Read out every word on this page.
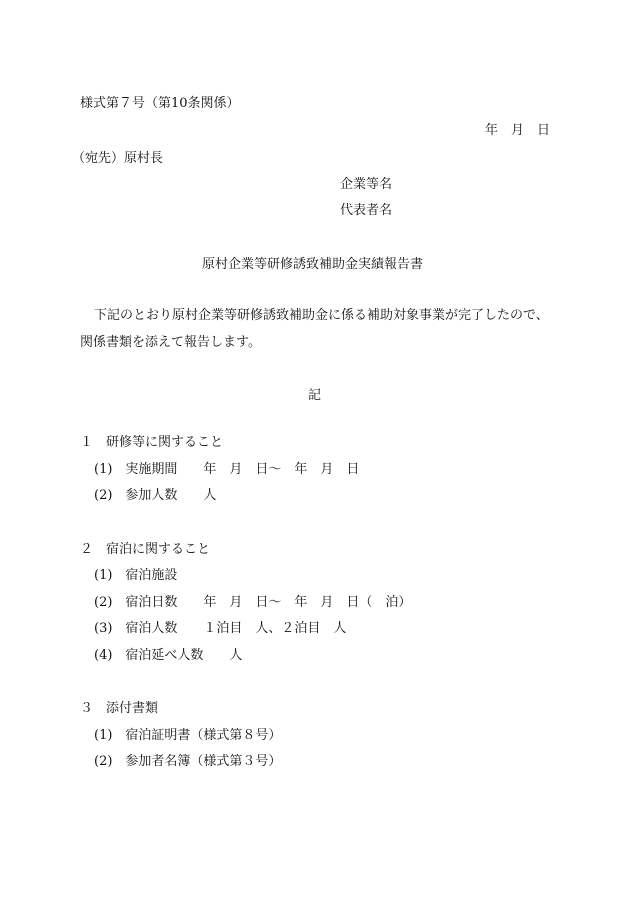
様式第７号（第10条関係）
年　月　日
（宛先）原村長
企業等名
代表者名
原村企業等研修誘致補助金実績報告書
下記のとおり原村企業等研修誘致補助金に係る補助対象事業が完了したので、
関係書類を添えて報告します。
記
１　研修等に関すること
(1)　実施期間　　年　月　日～　年　月　日
(2)　参加人数　　人
２　宿泊に関すること
(1)　宿泊施設
(2)　宿泊日数　　年　月　日～　年　月　日（　泊）
(3)　宿泊人数　　１泊目　人、２泊目　人
(4)　宿泊延べ人数　　人
３　添付書類
(1)　宿泊証明書（様式第８号）
(2)　参加者名簿（様式第３号）
